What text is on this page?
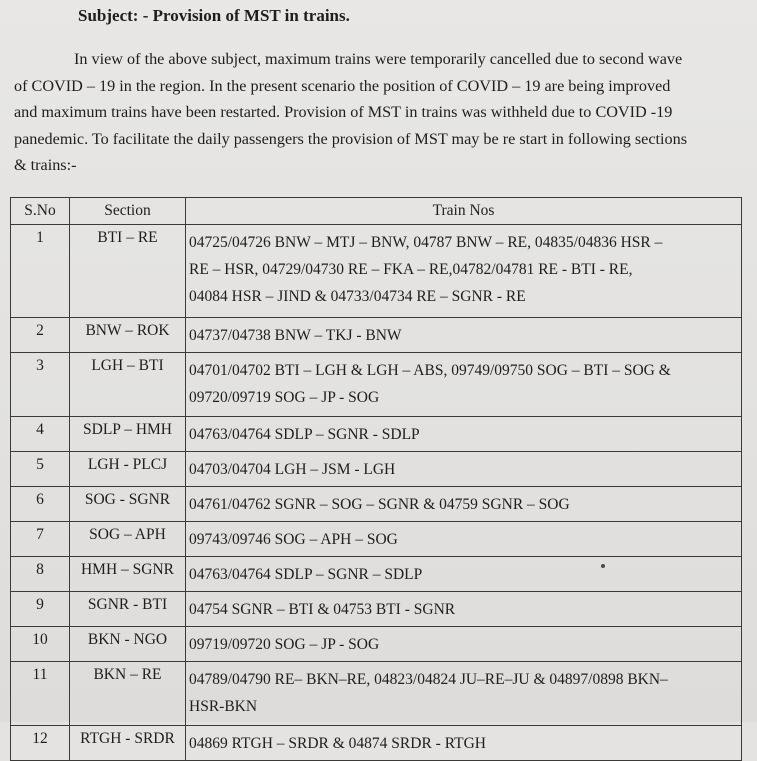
Subject: - Provision of MST in trains.

In view of the above subject, maximum trains were temporarily cancelled due to second wave
of COVID – 19 in the region. In the present scenario the position of COVID – 19 are being improved
and maximum trains have been restarted. Provision of MST in trains was withheld due to COVID -19
panedemic. To facilitate the daily passengers the provision of MST may be re start in following sections
& trains:-

S.No	Section	Train Nos
1	BTI – RE	04725/04726 BNW – MTJ – BNW, 04787 BNW – RE, 04835/04836 HSR –
RE – HSR, 04729/04730 RE – FKA – RE,04782/04781 RE - BTI - RE,
04084 HSR – JIND & 04733/04734 RE – SGNR - RE

2	BNW – ROK	04737/04738 BNW – TKJ - BNW

3	LGH – BTI	04701/04702 BTI – LGH & LGH – ABS, 09749/09750 SOG – BTI – SOG &
09720/09719 SOG – JP - SOG

4	SDLP – HMH	04763/04764 SDLP – SGNR - SDLP

5	LGH - PLCJ	04703/04704 LGH – JSM - LGH

6	SOG - SGNR	04761/04762 SGNR – SOG – SGNR & 04759 SGNR – SOG

7	SOG – APH	09743/09746 SOG – APH – SOG

8	HMH – SGNR	04763/04764 SDLP – SGNR – SDLP

9	SGNR - BTI	04754 SGNR – BTI & 04753 BTI - SGNR

10	BKN - NGO	09719/09720 SOG – JP - SOG

11	BKN – RE	04789/04790 RE– BKN–RE, 04823/04824 JU–RE–JU & 04897/0898 BKN–
HSR-BKN

12	RTGH - SRDR	04869 RTGH – SRDR & 04874 SRDR - RTGH
